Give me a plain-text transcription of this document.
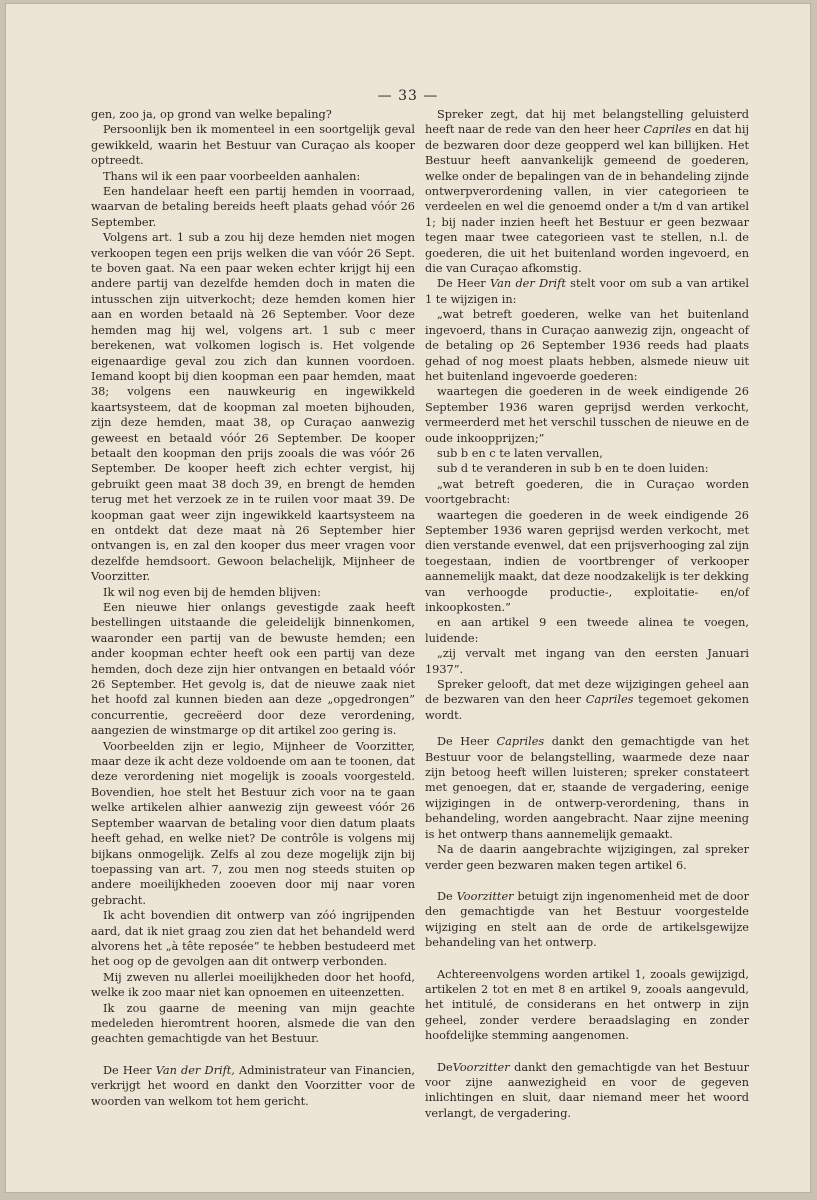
— 33 —

gen, zoo ja, op grond van welke bepaling?

Persoonlijk ben ik momenteel in een soortgelijk geval gewikkeld, waarin het Bestuur van Curaçao als kooper optreedt.

Thans wil ik een paar voorbeelden aanhalen:

Een handelaar heeft een partij hemden in voorraad, waarvan de betaling bereids heeft plaats gehad vóór 26 September.

Volgens art. 1 sub a zou hij deze hemden niet mogen verkoopen tegen een prijs welken die van vóór 26 Sept. te boven gaat. Na een paar weken echter krijgt hij een andere partij van dezelfde hemden doch in maten die intusschen zijn uitverkocht; deze hemden komen hier aan en worden betaald nà 26 September. Voor deze hemden mag hij wel, volgens art. 1 sub c meer berekenen, wat volkomen logisch is. Het volgende eigenaardige geval zou zich dan kunnen voordoen. Iemand koopt bij dien koopman een paar hemden, maat 38; volgens een nauwkeurig en ingewikkeld kaartsysteem, dat de koopman zal moeten bijhouden, zijn deze hemden, maat 38, op Curaçao aanwezig geweest en betaald vóór 26 September. De kooper betaalt den koopman den prijs zooals die was vóór 26 September. De kooper heeft zich echter vergist, hij gebruikt geen maat 38 doch 39, en brengt de hemden terug met het verzoek ze in te ruilen voor maat 39. De koopman gaat weer zijn ingewikkeld kaartsysteem na en ontdekt dat deze maat nà 26 September hier ontvangen is, en zal den kooper dus meer vragen voor dezelfde hemdsoort. Gewoon belachelijk, Mijnheer de Voorzitter.

Ik wil nog even bij de hemden blijven:

Een nieuwe hier onlangs gevestigde zaak heeft bestellingen uitstaande die geleidelijk binnenkomen, waaronder een partij van de bewuste hemden; een ander koopman echter heeft ook een partij van deze hemden, doch deze zijn hier ontvangen en betaald vóór 26 September. Het gevolg is, dat de nieuwe zaak niet het hoofd zal kunnen bieden aan deze „opgedrongen” concurrentie, gecreëerd door deze verordening, aangezien de winstmarge op dit artikel zoo gering is.

Voorbeelden zijn er legio, Mijnheer de Voorzitter, maar deze ik acht deze voldoende om aan te toonen, dat deze verordening niet mogelijk is zooals voorgesteld. Bovendien, hoe stelt het Bestuur zich voor na te gaan welke artikelen alhier aanwezig zijn geweest vóór 26 September waarvan de betaling voor dien datum plaats heeft gehad, en welke niet? De contrôle is volgens mij bijkans onmogelijk. Zelfs al zou deze mogelijk zijn bij toepassing van art. 7, zou men nog steeds stuiten op andere moeilijkheden zooeven door mij naar voren gebracht.

Ik acht bovendien dit ontwerp van zóó ingrijpenden aard, dat ik niet graag zou zien dat het behandeld werd alvorens het „à tête reposée” te hebben bestudeerd met het oog op de gevolgen aan dit ontwerp verbonden.

Mij zweven nu allerlei moeilijkheden door het hoofd, welke ik zoo maar niet kan opnoemen en uiteenzetten.

Ik zou gaarne de meening van mijn geachte medeleden hieromtrent hooren, alsmede die van den geachten gemachtigde van het Bestuur.

De Heer Van der Drift, Administrateur van Financien, verkrijgt het woord en dankt den Voorzitter voor de woorden van welkom tot hem gericht.

Spreker zegt, dat hij met belangstelling geluisterd heeft naar de rede van den heer heer Capriles en dat hij de bezwaren door deze geopperd wel kan billijken. Het Bestuur heeft aanvankelijk gemeend de goederen, welke onder de bepalingen van de in behandeling zijnde ontwerpverordening vallen, in vier categorieen te verdeelen en wel die genoemd onder a t/m d van artikel 1; bij nader inzien heeft het Bestuur er geen bezwaar tegen maar twee categorieen vast te stellen, n.l. de goederen, die uit het buitenland worden ingevoerd, en die van Curaçao afkomstig.

De Heer Van der Drift stelt voor om sub a van artikel 1 te wijzigen in:

„wat betreft goederen, welke van het buitenland ingevoerd, thans in Curaçao aanwezig zijn, ongeacht of de betaling op 26 September 1936 reeds had plaats gehad of nog moest plaats hebben, alsmede nieuw uit het buitenland ingevoerde goederen:

waartegen die goederen in de week eindigende 26 September 1936 waren geprijsd werden verkocht, vermeerderd met het verschil tusschen de nieuwe en de oude inkoopprijzen;”

sub b en c te laten vervallen,

sub d te veranderen in sub b en te doen luiden:

„wat betreft goederen, die in Curaçao worden voortgebracht:

waartegen die goederen in de week eindigende 26 September 1936 waren geprijsd werden verkocht, met dien verstande evenwel, dat een prijsverhooging zal zijn toegestaan, indien de voortbrenger of verkooper aannemelijk maakt, dat deze noodzakelijk is ter dekking van verhoogde productie-, exploitatie- en/of inkoopkosten.”

en aan artikel 9 een tweede alinea te voegen, luidende:

„zij vervalt met ingang van den eersten Januari 1937”.

Spreker gelooft, dat met deze wijzigingen geheel aan de bezwaren van den heer Capriles tegemoet gekomen wordt.

De Heer Capriles dankt den gemachtigde van het Bestuur voor de belangstelling, waarmede deze naar zijn betoog heeft willen luisteren; spreker constateert met genoegen, dat er, staande de vergadering, eenige wijzigingen in de ontwerp-verordening, thans in behandeling, worden aangebracht. Naar zijne meening is het ontwerp thans aannemelijk gemaakt.

Na de daarin aangebrachte wijzigingen, zal spreker verder geen bezwaren maken tegen artikel 6.

De Voorzitter betuigt zijn ingenomenheid met de door den gemachtigde van het Bestuur voorgestelde wijziging en stelt aan de orde de artikelsgewijze behandeling van het ontwerp.

Achtereenvolgens worden artikel 1, zooals gewijzigd, artikelen 2 tot en met 8 en artikel 9, zooals aangevuld, het intitulé, de considerans en het ontwerp in zijn geheel, zonder verdere beraadslaging en zonder hoofdelijke stemming aangenomen.

DeVoorzitter dankt den gemachtigde van het Bestuur voor zijne aanwezigheid en voor de gegeven inlichtingen en sluit, daar niemand meer het woord verlangt, de vergadering.
